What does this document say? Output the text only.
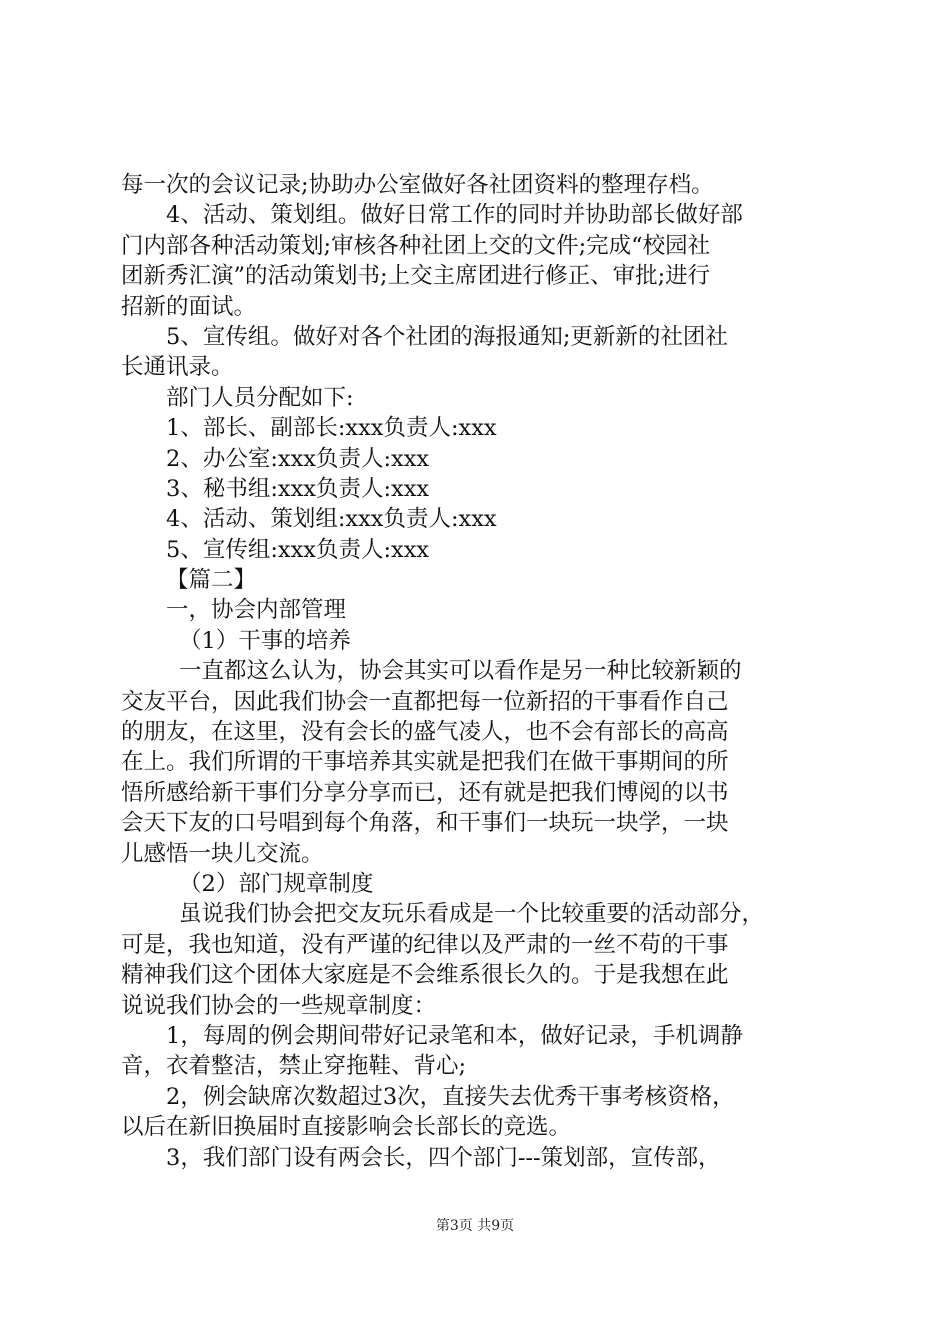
每一次的会议记录;协助办公室做好各社团资料的整理存档。
4、活动、策划组。做好日常工作的同时并协助部长做好部
门内部各种活动策划;审核各种社团上交的文件;完成“校园社
团新秀汇演”的活动策划书;上交主席团进行修正、审批;进行
招新的面试。
5、宣传组。做好对各个社团的海报通知;更新新的社团社
长通讯录。
部门人员分配如下:
1、部长、副部长:xxx负责人:xxx
2、办公室:xxx负责人:xxx
3、秘书组:xxx负责人:xxx
4、活动、策划组:xxx负责人:xxx
5、宣传组:xxx负责人:xxx
【篇二】
一，协会内部管理
（1）干事的培养
一直都这么认为，协会其实可以看作是另一种比较新颖的
交友平台，因此我们协会一直都把每一位新招的干事看作自己
的朋友，在这里，没有会长的盛气凌人，也不会有部长的高高
在上。我们所谓的干事培养其实就是把我们在做干事期间的所
悟所感给新干事们分享分享而已，还有就是把我们博阅的以书
会天下友的口号唱到每个角落，和干事们一块玩一块学，一块
儿感悟一块儿交流。
（2）部门规章制度
虽说我们协会把交友玩乐看成是一个比较重要的活动部分，
可是，我也知道，没有严谨的纪律以及严肃的一丝不苟的干事
精神我们这个团体大家庭是不会维系很长久的。于是我想在此
说说我们协会的一些规章制度：
1，每周的例会期间带好记录笔和本，做好记录，手机调静
音，衣着整洁，禁止穿拖鞋、背心;
2，例会缺席次数超过3次，直接失去优秀干事考核资格，
以后在新旧换届时直接影响会长部长的竞选。
3，我们部门设有两会长，四个部门---策划部，宣传部，
第3页 共9页
